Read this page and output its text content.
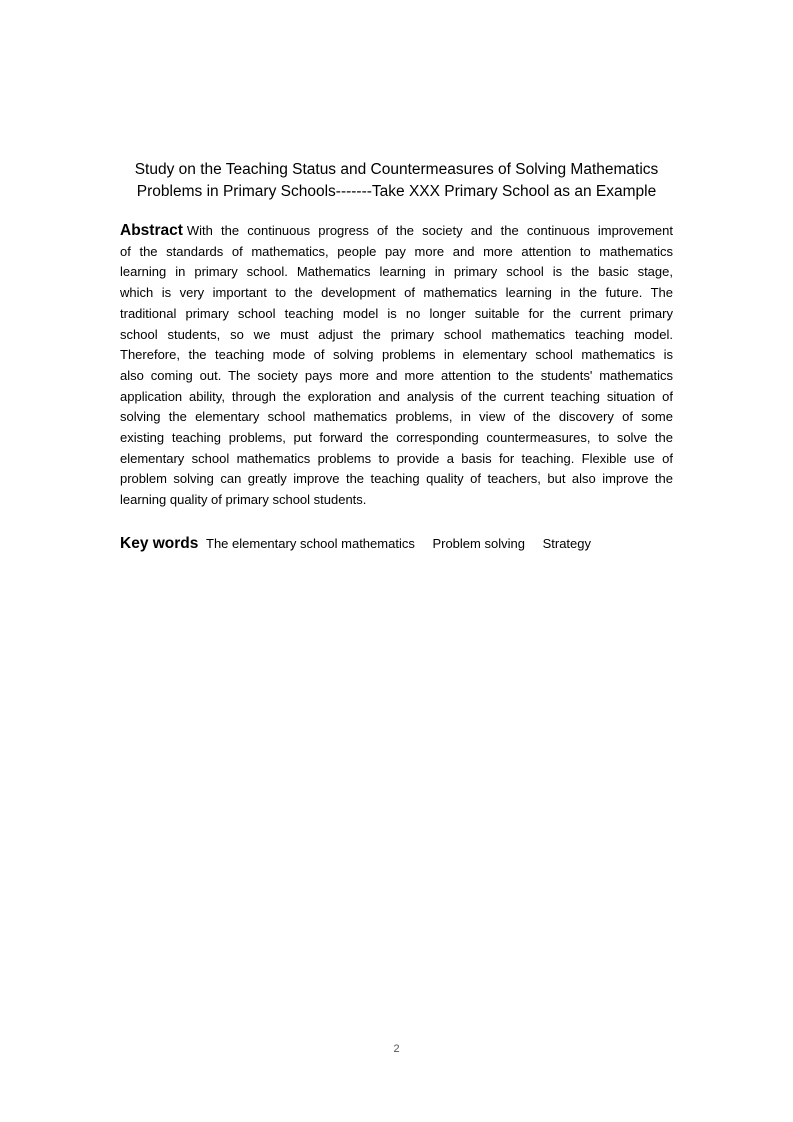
Study on the Teaching Status and Countermeasures of Solving Mathematics
Problems in Primary Schools-------Take XXX Primary School as an Example
Abstract With the continuous progress of the society and the continuous improvement
of the standards of mathematics, people pay more and more attention to mathematics
learning in primary school. Mathematics learning in primary school is the basic stage,
which is very important to the development of mathematics learning in the future. The
traditional primary school teaching model is no longer suitable for the current primary
school students, so we must adjust the primary school mathematics teaching model.
Therefore, the teaching mode of solving problems in elementary school mathematics is
also coming out. The society pays more and more attention to the students' mathematics
application ability, through the exploration and analysis of the current teaching situation of
solving the elementary school mathematics problems, in view of the discovery of some
existing teaching problems, put forward the corresponding countermeasures, to solve the
elementary school mathematics problems to provide a basis for teaching. Flexible use of
problem solving can greatly improve the teaching quality of teachers, but also improve the
learning quality of primary school students.
Key words The elementary school mathematics Problem solving Strategy
2
